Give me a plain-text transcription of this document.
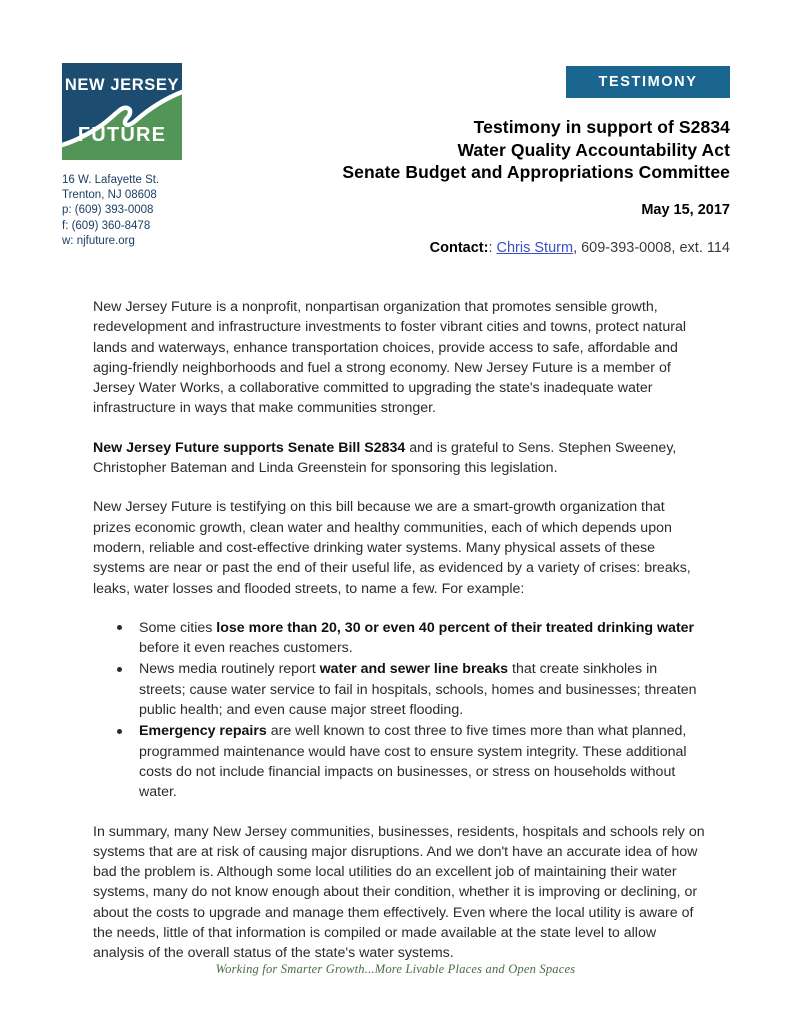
NEW JERSEY
FUTURE
16 W. Lafayette St.
Trenton, NJ 08608
p: (609) 393-0008
f: (609) 360-8478
w: njfuture.org
TESTIMONY
Testimony in support of S2834
Water Quality Accountability Act
Senate Budget and Appropriations Committee
May 15, 2017
Contact:: Chris Sturm, 609-393-0008, ext. 114

New Jersey Future is a nonprofit, nonpartisan organization that promotes sensible growth, redevelopment and infrastructure investments to foster vibrant cities and towns, protect natural lands and waterways, enhance transportation choices, provide access to safe, affordable and aging-friendly neighborhoods and fuel a strong economy. New Jersey Future is a member of Jersey Water Works, a collaborative committed to upgrading the state's inadequate water infrastructure in ways that make communities stronger.

New Jersey Future supports Senate Bill S2834 and is grateful to Sens. Stephen Sweeney, Christopher Bateman and Linda Greenstein for sponsoring this legislation.

New Jersey Future is testifying on this bill because we are a smart-growth organization that prizes economic growth, clean water and healthy communities, each of which depends upon modern, reliable and cost-effective drinking water systems. Many physical assets of these systems are near or past the end of their useful life, as evidenced by a variety of crises: breaks, leaks, water losses and flooded streets, to name a few. For example:

Some cities lose more than 20, 30 or even 40 percent of their treated drinking water before it even reaches customers.
News media routinely report water and sewer line breaks that create sinkholes in streets; cause water service to fail in hospitals, schools, homes and businesses; threaten public health; and even cause major street flooding.
Emergency repairs are well known to cost three to five times more than what planned, programmed maintenance would have cost to ensure system integrity. These additional costs do not include financial impacts on businesses, or stress on households without water.

In summary, many New Jersey communities, businesses, residents, hospitals and schools rely on systems that are at risk of causing major disruptions. And we don't have an accurate idea of how bad the problem is. Although some local utilities do an excellent job of maintaining their water systems, many do not know enough about their condition, whether it is improving or declining, or about the costs to upgrade and manage them effectively. Even where the local utility is aware of the needs, little of that information is compiled or made available at the state level to allow analysis of the overall status of the state's water systems.

Working for Smarter Growth...More Livable Places and Open Spaces
